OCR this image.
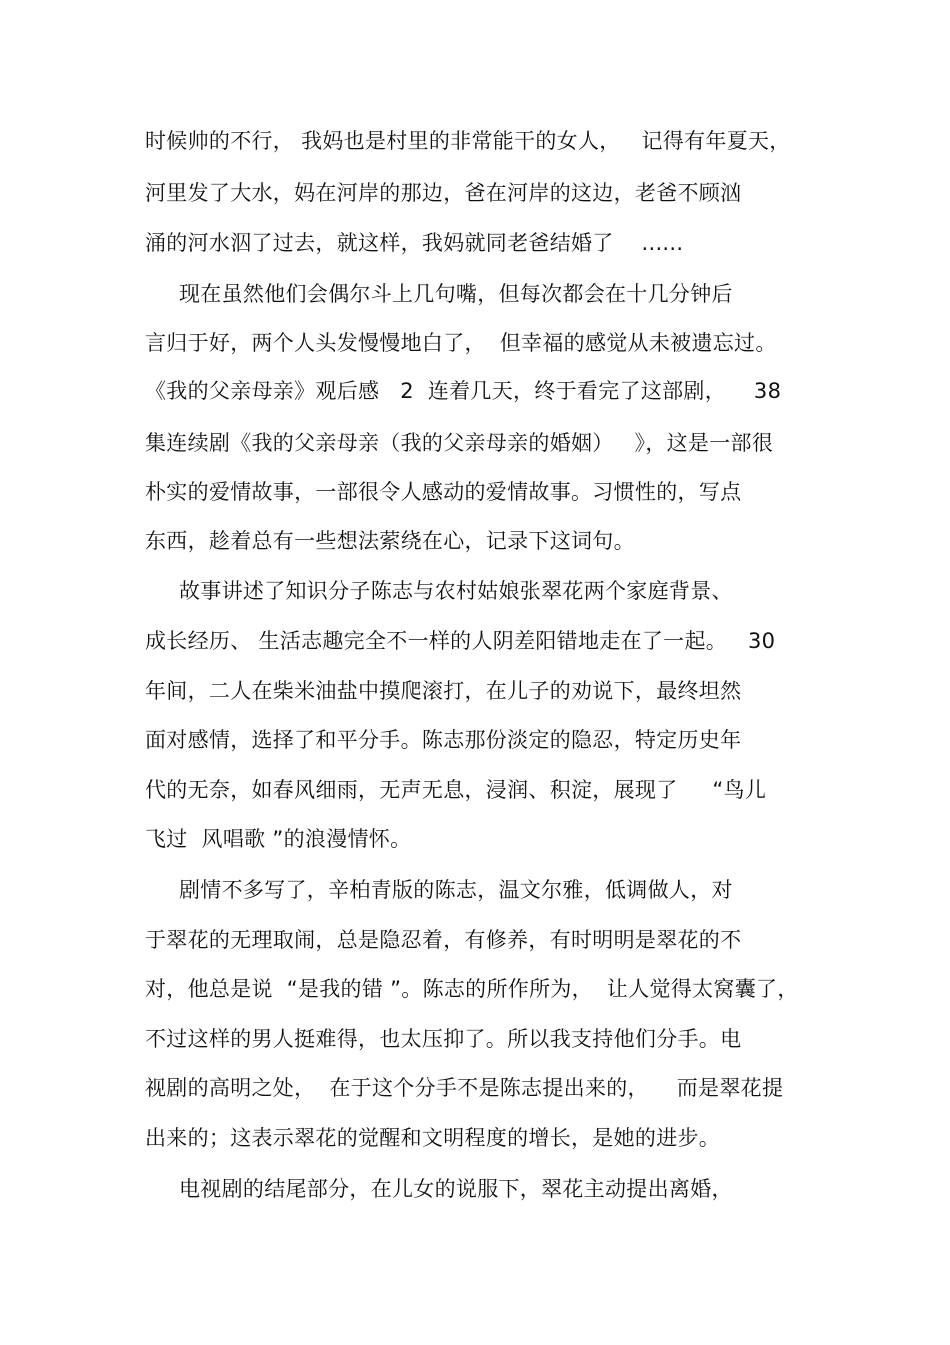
时候帅的不行， 我妈也是村里的非常能干的女人，   记得有年夏天，
河里发了大水，妈在河岸的那边，爸在河岸的这边，老爸不顾汹
涌的河水泅了过去，就这样，我妈就同老爸结婚了    ......
现在虽然他们会偶尔斗上几句嘴，但每次都会在十几分钟后
言归于好，两个人头发慢慢地白了，  但幸福的感觉从未被遗忘过。
《我的父亲母亲》观后感   2  连着几天，终于看完了这部剧，    38
集连续剧《我的父亲母亲（我的父亲母亲的婚姻）   》，这是一部很
朴实的爱情故事，一部很令人感动的爱情故事。习惯性的，写点
东西，趁着总有一些想法萦绕在心，记录下这词句。
故事讲述了知识分子陈志与农村姑娘张翠花两个家庭背景、
成长经历、 生活志趣完全不一样的人阴差阳错地走在了一起。   30
年间，二人在柴米油盐中摸爬滚打，在儿子的劝说下，最终坦然
面对感情，选择了和平分手。陈志那份淡定的隐忍，特定历史年
代的无奈，如春风细雨，无声无息，浸润、积淀，展现了     “鸟儿
飞过  风唱歌 ”的浪漫情怀。
剧情不多写了，辛柏青版的陈志，温文尔雅，低调做人，对
于翠花的无理取闹，总是隐忍着，有修养，有时明明是翠花的不
对，他总是说  “是我的错 ”。陈志的所作所为，  让人觉得太窝囊了，
不过这样的男人挺难得，也太压抑了。所以我支持他们分手。电
视剧的高明之处，  在于这个分手不是陈志提出来的，    而是翠花提
出来的；这表示翠花的觉醒和文明程度的增长，是她的进步。
电视剧的结尾部分，在儿女的说服下，翠花主动提出离婚，
